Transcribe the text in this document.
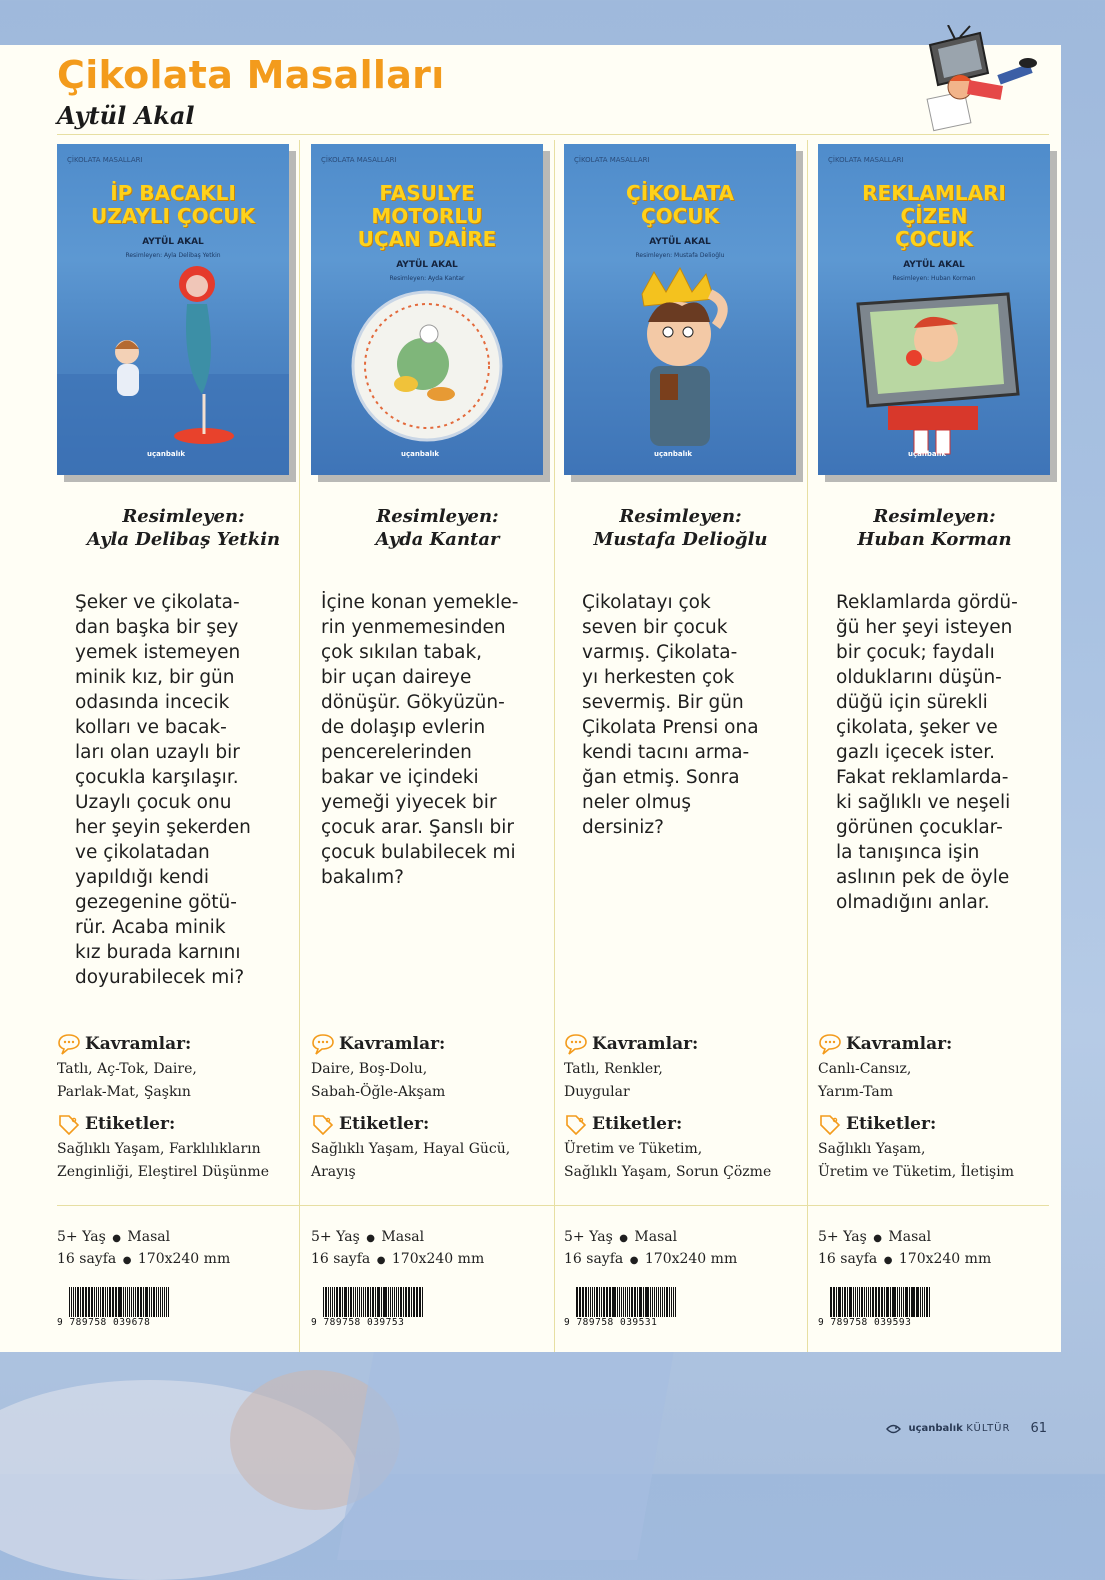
Çikolata Masalları
Aytül Akal
ÇİKOLATA MASALLARI
İP BACAKLI
UZAYLI ÇOCUK
AYTÜL AKAL
Resimleyen: Ayla Delibaş Yetkin
uçanbalık
Resimleyen:
Ayla Delibaş Yetkin
Şeker ve çikolata-
dan başka bir şey
yemek istemeyen
minik kız, bir gün
odasında incecik
kolları ve bacak-
ları olan uzaylı bir
çocukla karşılaşır.
Uzaylı çocuk onu
her şeyin şekerden
ve çikolatadan
yapıldığı kendi
gezegenine götü-
rür. Acaba minik
kız burada karnını
doyurabilecek mi?
Kavramlar:
Tatlı, Aç-Tok, Daire,
Parlak-Mat, Şaşkın
Etiketler:
Sağlıklı Yaşam, Farklılıkların
Zenginliği, Eleştirel Düşünme
5+ Yaş ● Masal
16 sayfa ● 170x240 mm
9 789758 039678
ÇİKOLATA MASALLARI
FASULYE
MOTORLU
UÇAN DAİRE
AYTÜL AKAL
Resimleyen: Ayda Kantar
uçanbalık
Resimleyen:
Ayda Kantar
İçine konan yemekle-
rin yenmemesinden
çok sıkılan tabak,
bir uçan daireye
dönüşür. Gökyüzün-
de dolaşıp evlerin
pencerelerinden
bakar ve içindeki
yemeği yiyecek bir
çocuk arar. Şanslı bir
çocuk bulabilecek mi
bakalım?
Kavramlar:
Daire, Boş-Dolu,
Sabah-Öğle-Akşam
Etiketler:
Sağlıklı Yaşam, Hayal Gücü,
Arayış
5+ Yaş ● Masal
16 sayfa ● 170x240 mm
9 789758 039753
ÇİKOLATA MASALLARI
ÇİKOLATA
ÇOCUK
AYTÜL AKAL
Resimleyen: Mustafa Delioğlu
uçanbalık
Resimleyen:
Mustafa Delioğlu
Çikolatayı çok
seven bir çocuk
varmış. Çikolata-
yı herkesten çok
severmiş. Bir gün
Çikolata Prensi ona
kendi tacını arma-
ğan etmiş. Sonra
neler olmuş
dersiniz?
Kavramlar:
Tatlı, Renkler,
Duygular
Etiketler:
Üretim ve Tüketim,
Sağlıklı Yaşam, Sorun Çözme
5+ Yaş ● Masal
16 sayfa ● 170x240 mm
9 789758 039531
ÇİKOLATA MASALLARI
REKLAMLARI
ÇİZEN
ÇOCUK
AYTÜL AKAL
Resimleyen: Huban Korman
uçanbalık
Resimleyen:
Huban Korman
Reklamlarda gördü-
ğü her şeyi isteyen
bir çocuk; faydalı
olduklarını düşün-
düğü için sürekli
çikolata, şeker ve
gazlı içecek ister.
Fakat reklamlarda-
ki sağlıklı ve neşeli
görünen çocuklar-
la tanışınca işin
aslının pek de öyle
olmadığını anlar.
Kavramlar:
Canlı-Cansız,
Yarım-Tam
Etiketler:
Sağlıklı Yaşam,
Üretim ve Tüketim, İletişim
5+ Yaş ● Masal
16 sayfa ● 170x240 mm
9 789758 039593
uçanbalık KÜLTÜR 61
